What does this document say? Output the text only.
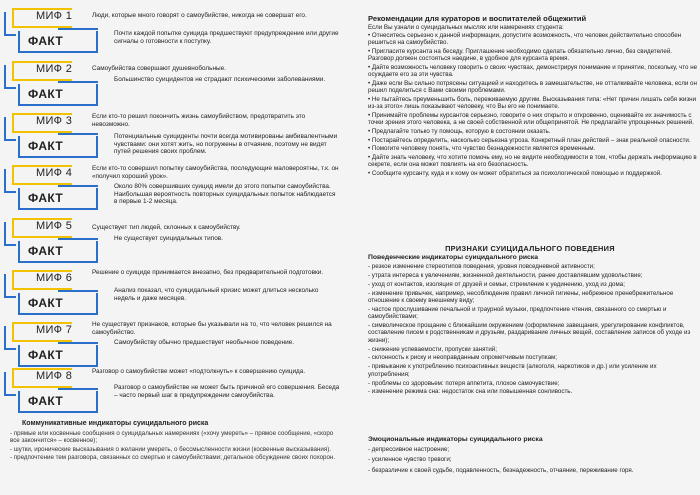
МИФ 1
ФАКТ

Люди, которые много говорят о самоубийстве, никогда не совершат его.

Почти каждой попытке суицида предшествуют предупреждение или другие сигналы о готовности к поступку.

МИФ 2
ФАКТ

Самоубийства совершают душевнобольные.

Большинство суицидентов не страдают психическими заболеваниями.

МИФ 3
ФАКТ

Если кто-то решил покончить жизнь самоубийством, предотвратить это невозможно.

Потенциальные суициденты почти всегда мотивированы амбивалентными чувствами: они хотят жить, но погружены в отчаяние, поэтому не видят путей решения своих проблем.

МИФ 4
ФАКТ

Если кто-то совершил попытку самоубийства, последующие маловероятны, т.к. он «получил хороший урок».

Около 80% совершивших суицид имели до этого попытки самоубийства. Наибольшая вероятность повторных суицидальных попыток наблюдается в первые 1-2 месяца.

МИФ 5
ФАКТ

Существует тип людей, склонных к самоубийству.

Не существует суицидальных типов.

МИФ 6
ФАКТ

Решение о суициде принимается внезапно, без предварительной подготовки.

Анализ показал, что суицидальный кризис может длиться несколько недель и даже месяцев.

МИФ 7
ФАКТ

Не существует признаков, которые бы указывали на то, что человек решился на самоубийство.

Самоубийству обычно предшествует необычное поведение.

МИФ 8
ФАКТ

Разговор о самоубийстве может «подтолкнуть» к совершению суицида.

Разговор о самоубийстве не может быть причиной его совершения. Беседа – часто первый шаг в предупреждении самоубийства.

Коммуникативные индикаторы суицидального риска
- прямые или косвенные сообщения о суицидальных намерениях («хочу умереть» – прямое сообщение, «скоро все закончится» – косвенное);
- шутки, иронические высказывания о желании умереть, о бессмысленности жизни (косвенные высказывания).
- предпочтение тем разговора, связанных со смертью и самоубийствами; детальное обсуждение своих похорон.
Рекомендации для кураторов и воспитателей общежитий

Если Вы узнали о суицидальных мыслях или намерениях студента:

• Отнеситесь серьезно к данной информации, допустите возможность, что человек действительно способен решиться на самоубийство.
• Пригласите курсанта на беседу. Приглашение необходимо сделать обязательно лично, без свидетелей. Разговор должен состояться наедине, в удобное для курсанта время.
• Дайте возможность человеку говорить о своих чувствах, демонстрируя понимание и принятие, поскольку, что не осуждаете его за эти чувства.
• Даже если Вы сильно потрясены ситуацией и находитесь в замешательстве, не отталкивайте человека, если он решил поделиться с Вами своими проблемами.
• Не пытайтесь преуменьшить боль, переживаемую другим. Высказывания типа: «Нет причин лишать себя жизни из-за этого» лишь показывают человеку, что Вы его не понимаете.
• Принимайте проблемы курсантов серьезно, говорите о них открыто и откровенно, оценивайте их значимость с точки зрения этого человека, а не своей собственной или общепринятой. Не предлагайте упрощенных решений.
• Предлагайте только ту помощь, которую в состоянии оказать.
• Постарайтесь определить, насколько серьезна угроза. Конкретный план действий – знак реальной опасности.
• Помогите человеку понять, что чувство безнадежности является временным.
• Дайте знать человеку, что хотите помочь ему, но не видите необходимости в том, чтобы держать информацию в секрете, если она может повлиять на его безопасность.
• Сообщите курсанту, куда и к кому он может обратиться за психологической помощью и поддержкой.
ПРИЗНАКИ СУИЦИДАЛЬНОГО ПОВЕДЕНИЯ
Поведенческие индикаторы суицидального риска
- резкое изменение стереотипов поведения, уровня повседневной активности;
- утрата интереса к увлечениям, жизненной деятельности, ранее доставлявшим удовольствие;
- уход от контактов, изоляция от друзей и семьи, стремление к уединению, уход из дома;
- изменение привычек, например, несоблюдение правил личной гигиены, небрежное пренебрежительное отношение к своему внешнему виду;
- частое прослушивание печальной и траурной музыки, предпочтение чтения, связанного со смертью и самоубийствами;
- символическое прощание с ближайшим окружением (оформление завещания, урегулирование конфликтов, составление писем к родственникам и друзьям, раздаривание личных вещей, составление записок об уходе из жизни);
- снижение успеваемости, пропуски занятий;
- склонность к риску и неоправданным опрометчивым поступкам;
- привыкание к употреблению психоактивных веществ (алкоголя, наркотиков и др.) или усиление их употребления;
- проблемы со здоровьем: потеря аппетита, плохое самочувствие;
- изменение режима сна: недостаток сна или повышенная сонливость.
Эмоциональные индикаторы суицидального риска
- депрессивное настроение;
- усиленное чувство тревоги;
- безразличие к своей судьбе, подавленность, безнадежность, отчаяние, переживание горя.
